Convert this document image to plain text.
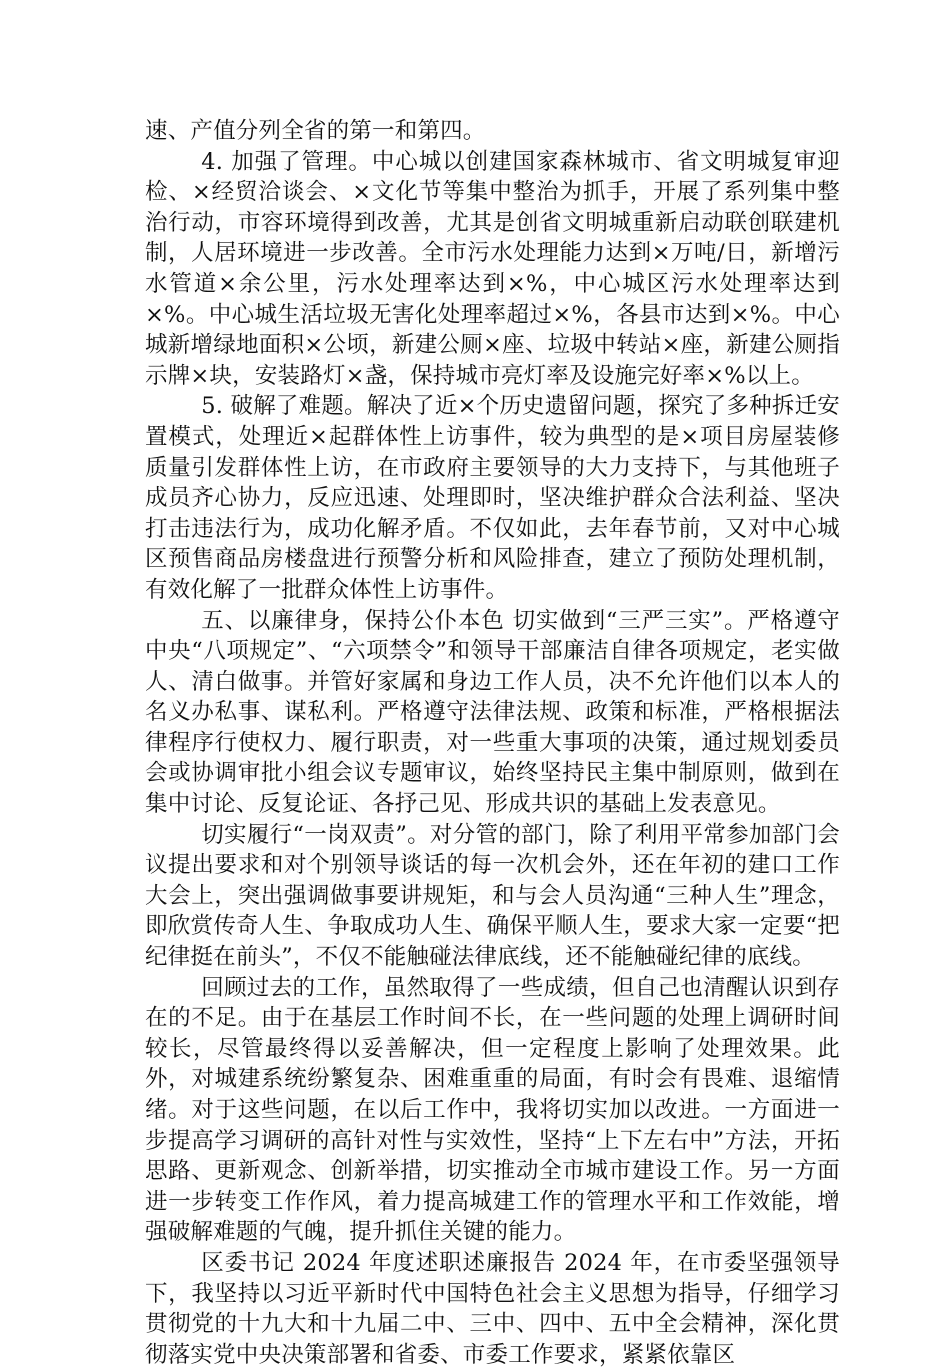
速、产值分列全省的第一和第四。

4. 加强了管理。中心城以创建国家森林城市、省文明城复审迎检、×经贸洽谈会、×文化节等集中整治为抓手，开展了系列集中整治行动，市容环境得到改善，尤其是创省文明城重新启动联创联建机制，人居环境进一步改善。全市污水处理能力达到×万吨/日，新增污水管道×余公里，污水处理率达到×%，中心城区污水处理率达到×%。中心城生活垃圾无害化处理率超过×%，各县市达到×%。中心城新增绿地面积×公顷，新建公厕×座、垃圾中转站×座，新建公厕指示牌×块，安装路灯×盏，保持城市亮灯率及设施完好率×%以上。

5. 破解了难题。解决了近×个历史遗留问题，探究了多种拆迁安置模式，处理近×起群体性上访事件，较为典型的是×项目房屋装修质量引发群体性上访，在市政府主要领导的大力支持下，与其他班子成员齐心协力，反应迅速、处理即时，坚决维护群众合法利益、坚决打击违法行为，成功化解矛盾。不仅如此，去年春节前，又对中心城区预售商品房楼盘进行预警分析和风险排查，建立了预防处理机制，有效化解了一批群众体性上访事件。

五、以廉律身，保持公仆本色 切实做到“三严三实”。严格遵守中央“八项规定”、“六项禁令”和领导干部廉洁自律各项规定，老实做人、清白做事。并管好家属和身边工作人员，决不允许他们以本人的名义办私事、谋私利。严格遵守法律法规、政策和标准，严格根据法律程序行使权力、履行职责，对一些重大事项的决策，通过规划委员会或协调审批小组会议专题审议，始终坚持民主集中制原则，做到在集中讨论、反复论证、各抒己见、形成共识的基础上发表意见。

切实履行“一岗双责”。对分管的部门，除了利用平常参加部门会议提出要求和对个别领导谈话的每一次机会外，还在年初的建口工作大会上，突出强调做事要讲规矩，和与会人员沟通“三种人生”理念，即欣赏传奇人生、争取成功人生、确保平顺人生，要求大家一定要“把纪律挺在前头”，不仅不能触碰法律底线，还不能触碰纪律的底线。

回顾过去的工作，虽然取得了一些成绩，但自己也清醒认识到存在的不足。由于在基层工作时间不长，在一些问题的处理上调研时间较长，尽管最终得以妥善解决，但一定程度上影响了处理效果。此外，对城建系统纷繁复杂、困难重重的局面，有时会有畏难、退缩情绪。对于这些问题，在以后工作中，我将切实加以改进。一方面进一步提高学习调研的高针对性与实效性，坚持“上下左右中”方法，开拓思路、更新观念、创新举措，切实推动全市城市建设工作。另一方面进一步转变工作作风，着力提高城建工作的管理水平和工作效能，增强破解难题的气魄，提升抓住关键的能力。

区委书记 2024 年度述职述廉报告 2024 年，在市委坚强领导下，我坚持以习近平新时代中国特色社会主义思想为指导，仔细学习贯彻党的十九大和十九届二中、三中、四中、五中全会精神，深化贯彻落实党中央决策部署和省委、市委工作要求，紧紧依靠区
